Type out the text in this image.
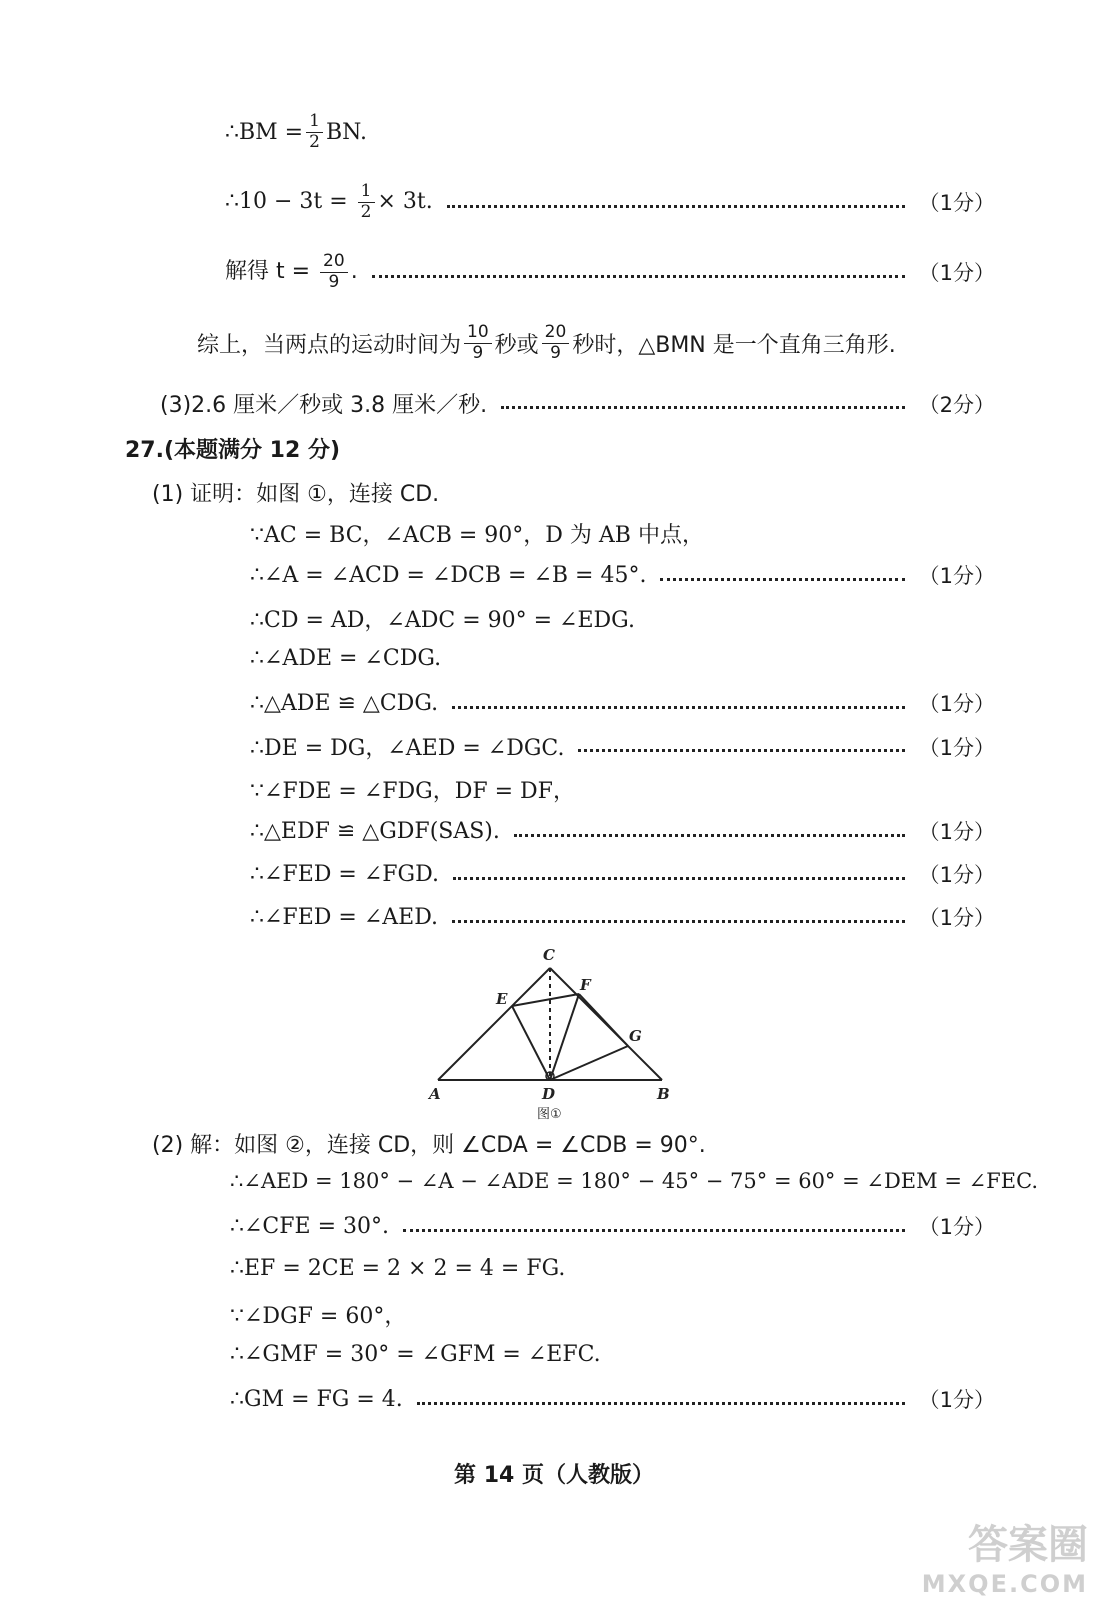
∴BM = $\frac{1}{2}$ BN.
∴10 − $3t = \frac{1}{2} \times 3t$.	（1分）
解得 $t = \frac{20}{9}$ .	（1分）
综上，当两点的运动时间为 $\frac{10}{9}$ 秒或 $\frac{20}{9}$ 秒时，△BMN 是一个直角三角形.
(3)2.6 厘米／秒或 3.8 厘米／秒.	（2分）
27.(本题满分 12 分)
(1) 证明：如图 ①，连接 CD.
∵AC = BC，∠ACB = 90°，D 为 AB 中点，
∴∠A = ∠ACD = ∠DCB = ∠B = 45°.	（1分）
∴CD = AD，∠ADC = 90° = ∠EDG.
∴∠ADE = ∠CDG.
∴△ADE ≌ △CDG.	（1分）
∴DE = DG，∠AED = ∠DGC.	（1分）
∵∠FDE = ∠FDG，DF = DF，
∴△EDF ≌ △GDF(SAS).	（1分）
∴∠FED = ∠FGD.	（1分）
∴∠FED = ∠AED.	（1分）
C
E
F
G
A	D	B
图①
(2) 解：如图 ②，连接 CD，则 ∠CDA = ∠CDB = 90°.
∴∠AED = 180° − ∠A − ∠ADE = 180° − 45° − 75° = 60° = ∠DEM = ∠FEC.
∴∠CFE = 30°.	（1分）
∴EF = 2CE = 2 × 2 = 4 = FG.
∵∠DGF = 60°，
∴∠GMF = 30° = ∠GFM = ∠EFC.
∴GM = FG = 4.	（1分）
第 14 页（人教版）
答案圈
MXQE.COM
